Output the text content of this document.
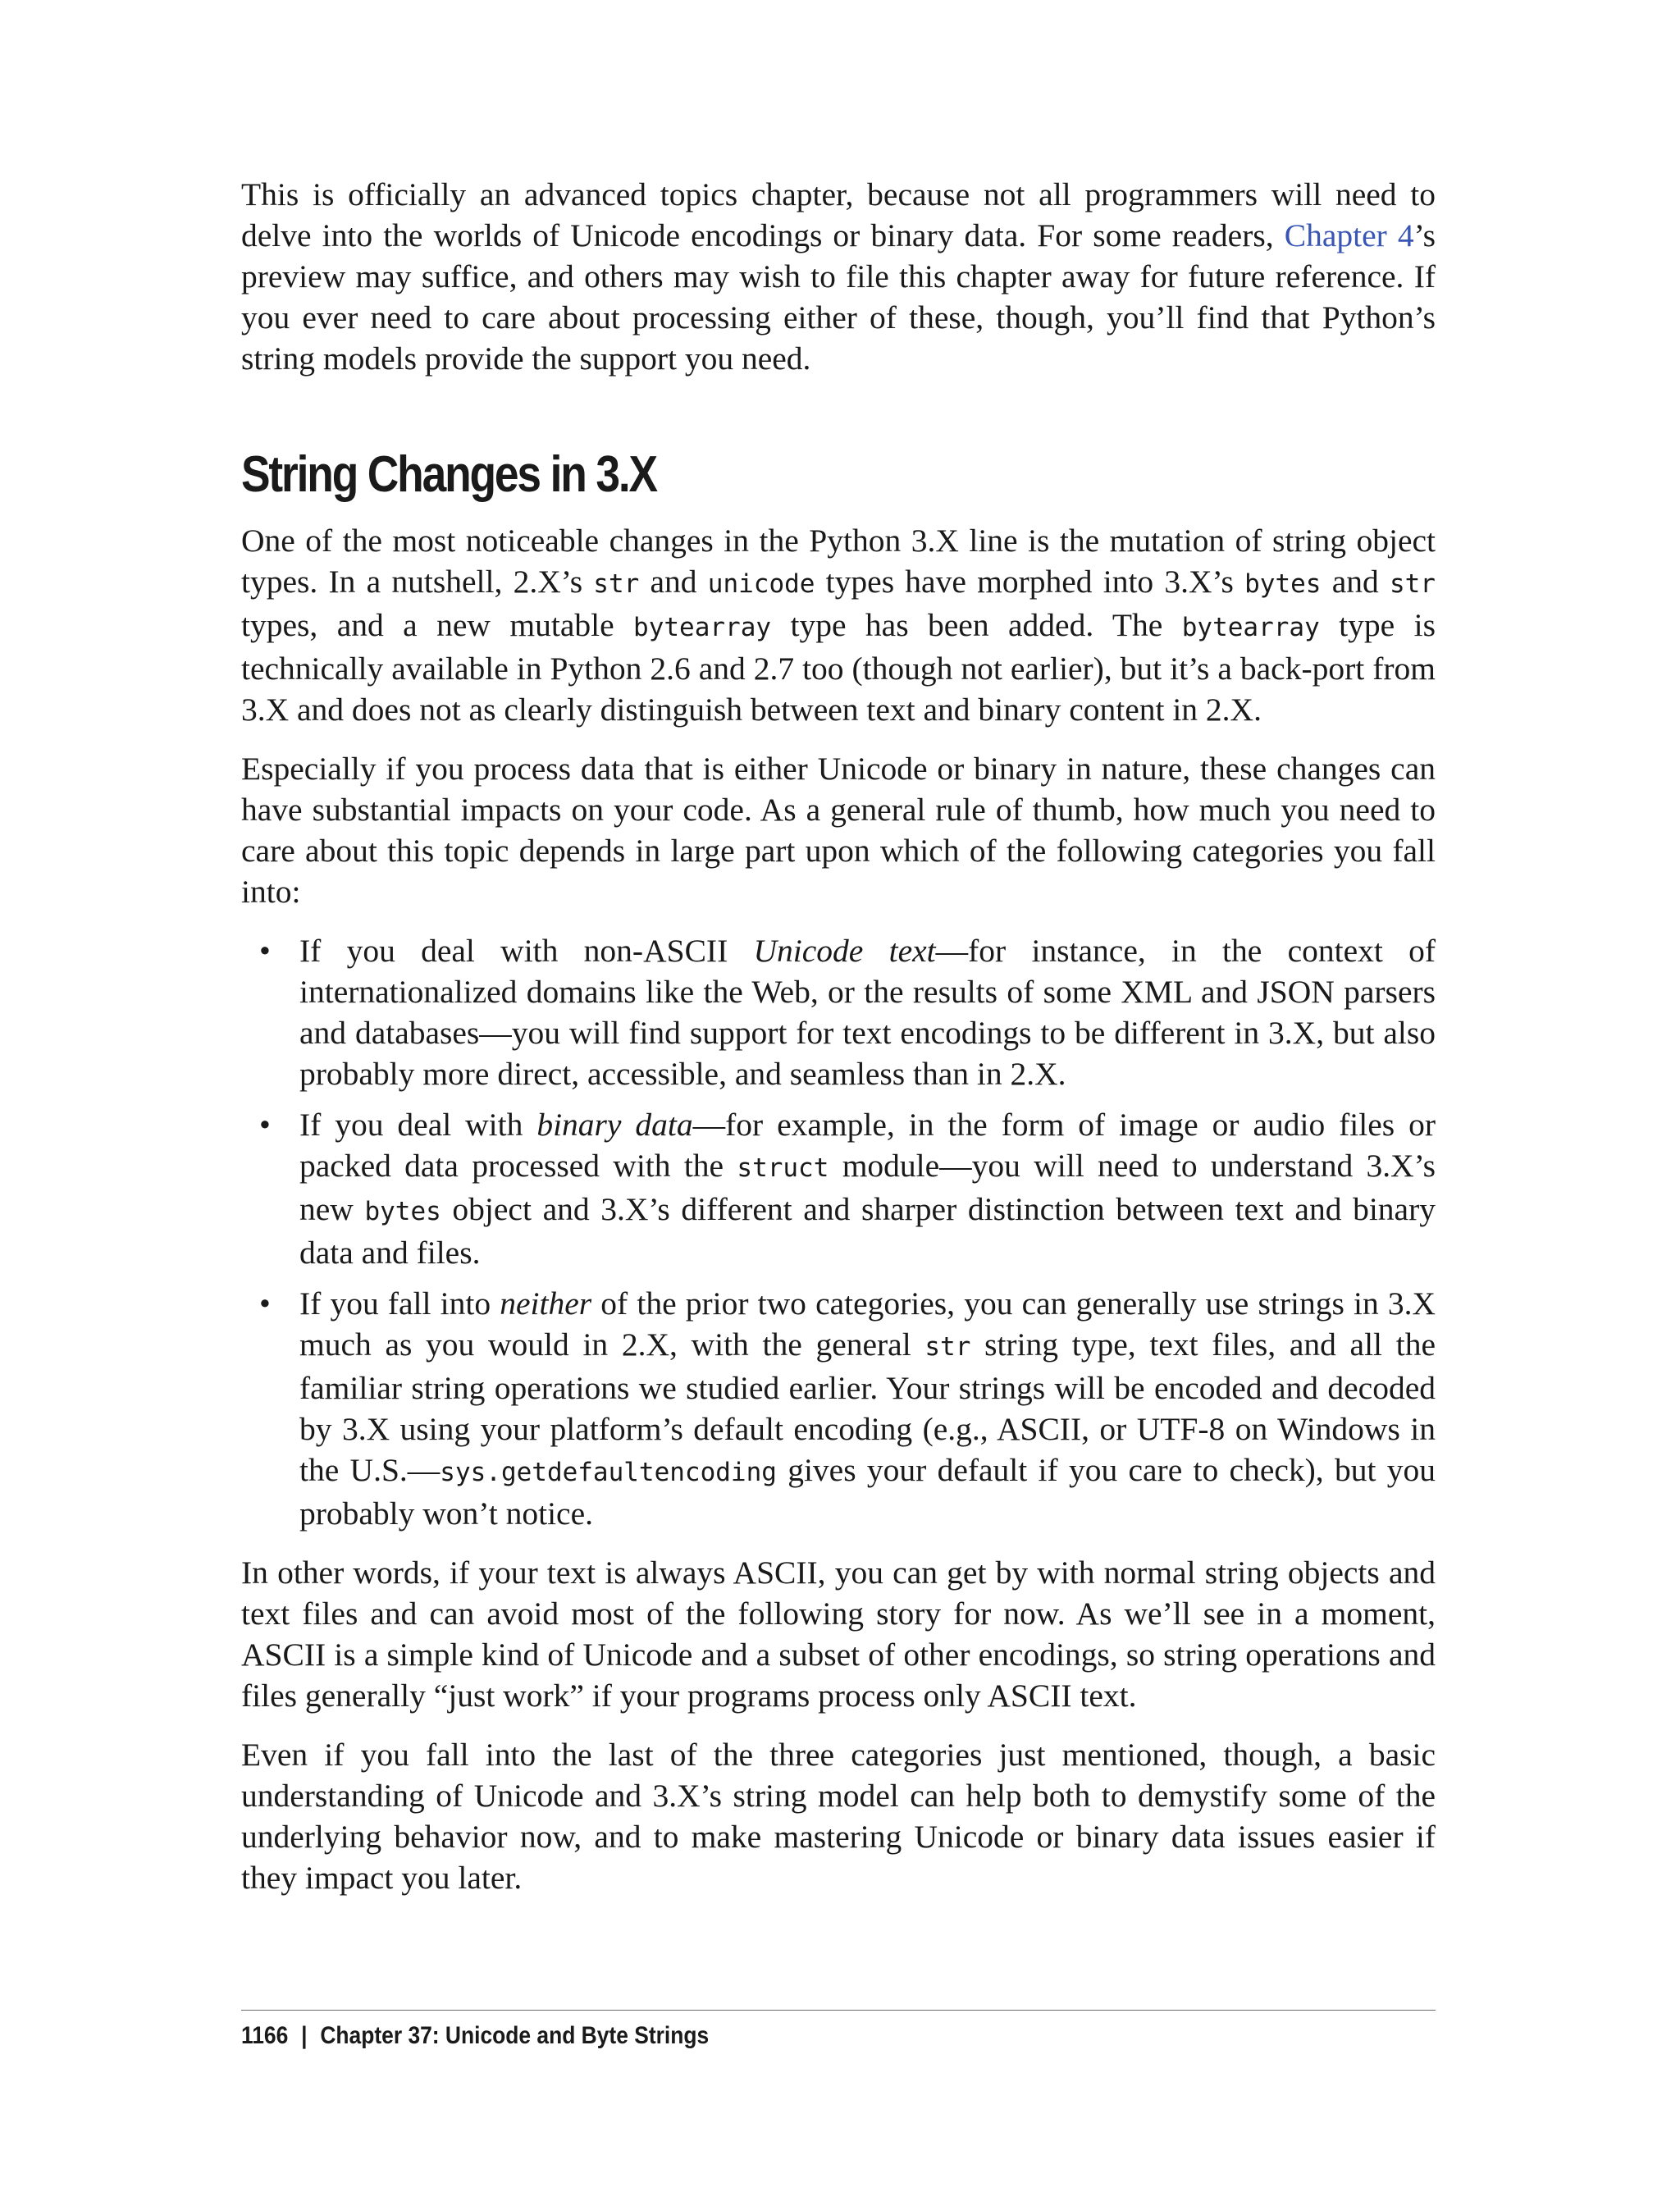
This is officially an advanced topics chapter, because not all programmers will need to delve into the worlds of Unicode encodings or binary data. For some readers, Chapter 4’s preview may suffice, and others may wish to file this chapter away for future reference. If you ever need to care about processing either of these, though, you’ll find that Python’s string models provide the support you need.

String Changes in 3.X

One of the most noticeable changes in the Python 3.X line is the mutation of string object types. In a nutshell, 2.X’s str and unicode types have morphed into 3.X’s bytes and str types, and a new mutable bytearray type has been added. The bytearray type is technically available in Python 2.6 and 2.7 too (though not earlier), but it’s a back-port from 3.X and does not as clearly distinguish between text and binary content in 2.X.

Especially if you process data that is either Unicode or binary in nature, these changes can have substantial impacts on your code. As a general rule of thumb, how much you need to care about this topic depends in large part upon which of the following categories you fall into:

• If you deal with non-ASCII Unicode text—for instance, in the context of internationalized domains like the Web, or the results of some XML and JSON parsers and databases—you will find support for text encodings to be different in 3.X, but also probably more direct, accessible, and seamless than in 2.X.

• If you deal with binary data—for example, in the form of image or audio files or packed data processed with the struct module—you will need to understand 3.X’s new bytes object and 3.X’s different and sharper distinction between text and binary data and files.

• If you fall into neither of the prior two categories, you can generally use strings in 3.X much as you would in 2.X, with the general str string type, text files, and all the familiar string operations we studied earlier. Your strings will be encoded and decoded by 3.X using your platform’s default encoding (e.g., ASCII, or UTF-8 on Windows in the U.S.—sys.getdefaultencoding gives your default if you care to check), but you probably won’t notice.

In other words, if your text is always ASCII, you can get by with normal string objects and text files and can avoid most of the following story for now. As we’ll see in a moment, ASCII is a simple kind of Unicode and a subset of other encodings, so string operations and files generally “just work” if your programs process only ASCII text.

Even if you fall into the last of the three categories just mentioned, though, a basic understanding of Unicode and 3.X’s string model can help both to demystify some of the underlying behavior now, and to make mastering Unicode or binary data issues easier if they impact you later.

1166 | Chapter 37: Unicode and Byte Strings
